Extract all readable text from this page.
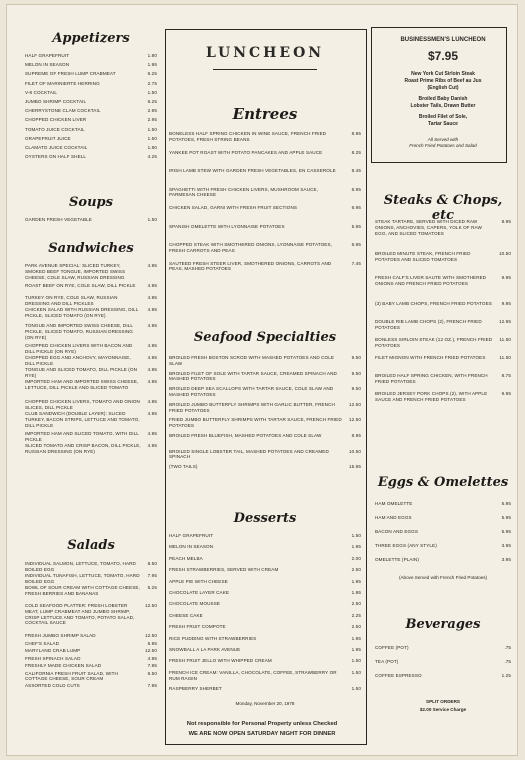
Appetizers
HALF GRAPEFRUIT	1.80
MELON IN SEASON	1.95
SUPREME OF FRESH LUMP CRABMEAT	6.25
FILET OF MARINIERTE HERRING	2.75
V-8 COCKTAIL	1.50
JUMBO SHRIMP COCKTAIL	6.25
CHERRYSTONE CLAM COCKTAIL	2.95
CHOPPED CHICKEN LIVER	2.95
TOMATO JUICE COCKTAIL	1.50
GRAPEFRUIT JUICE	1.50
CLAMATO JUICE COCKTAIL	1.80
OYSTERS ON HALF SHELL	4.25
Soups
GARDEN FRESH VEGETABLE	1.50
Sandwiches
PARK AVENUE SPECIAL: SLICED TURKEY, SMOKED BEEF TONGUE, IMPORTED SWISS CHEESE, COLE SLAW, RUSSIAN DRESSING
4.95
ROAST BEEF ON RYE, COLE SLAW, DILL PICKLE	4.95
TURKEY ON RYE, COLE SLAW, RUSSIAN DRESSING AND DILL PICKLES
4.95
CHICKEN SALAD WITH RUSSIAN DRESSING, DILL PICKLE, SLICED TOMATO (ON RYE)
4.95
TONGUE AND IMPORTED SWISS CHEESE, DILL PICKLE, SLICED TOMATO, RUSSIAN DRESSING (ON RYE)
4.95
CHOPPED CHICKEN LIVERS WITH BACON AND DILL PICKLE (ON RYE)
4.95
CHOPPED EGG AND ANCHOVY, MAYONNAISE, DILL PICKLE
4.95
TONGUE AND SLICED TOMATO, DILL PICKLE (ON RYE)
4.95
IMPORTED HAM AND IMPORTED SWISS CHEESE, LETTUCE, DILL PICKLE AND SLICED TOMATO
4.95
CHOPPED CHICKEN LIVERS, TOMATO AND ONION SLICES, DILL PICKLE
4.95
CLUB SANDWICH (DOUBLE LAYER): SLICED TURKEY, BACON STRIPS, LETTUCE AND TOMATO, DILL PICKLE
4.95
IMPORTED HAM AND SLICED TOMATO, WITH DILL PICKLE
4.95
SLICED TOMATO AND CRISP BACON, DILL PICKLE, RUSSIAN DRESSING (ON RYE)
4.95
Salads
INDIVIDUAL SALMON, LETTUCE, TOMATO, HARD BOILED EGG
8.50
INDIVIDUAL TUNAFISH, LETTUCE, TOMATO, HARD BOILED EGG
7.95
BOWL OF SOUR CREAM WITH COTTAGE CHEESE, FRESH BERRIES AND BANANAS
5.25
COLD SEAFOOD PLATTER: FRESH LOBSTER MEAT, LUMP CRABMEAT AND JUMBO SHRIMP, CRISP LETTUCE AND TOMATO, POTATO SALAD, COCKTAIL SAUCE
12.50
FRESH JUMBO SHRIMP SALAD	12.50
CHEF'S SALAD	6.95
MARYLAND CRAB LUMP	12.50
FRESH SPINACH SALAD	4.95
FRESHLY MADE CHICKEN SALAD	7.95
CALIFORNIA FRESH FRUIT SALAD, WITH COTTAGE CHEESE, SOUR CREAM
6.50
ASSORTED COLD CUTS	7.95
LUNCHEON
Entrees
BONELESS HALF SPRING CHICKEN IN WINE SAUCE, FRENCH FRIED POTATOES, FRESH STRING BEANS
8.95
YANKEE POT ROAST WITH POTATO PANCAKES AND APPLE SAUCE	8.25
IRISH LAMB STEW WITH GARDEN FRESH VEGETABLES, EN CASSEROLE	8.45
SPAGHETTI WITH FRESH CHICKEN LIVERS, MUSHROOM SAUCE, PARMESAN CHEESE
6.95
CHICKEN SALAD, GARNI WITH FRESH FRUIT SECTIONS	6.95
SPANISH OMELETTE WITH LYONNAISE POTATOES	5.95
CHOPPED STEAK WITH SMOTHERED ONIONS, LYONNAISE POTATOES, FRESH CARROTS AND PEAS
6.95
SAUTEED FRESH STEER LIVER, SMOTHERED ONIONS, CARROTS AND PEAS, MASHED POTATOES
7.45
Seafood Specialties
BROILED FRESH BOSTON SCROD WITH MASHED POTATOES AND COLE SLAW
9.50
BROILED FILET OF SOLE WITH TARTAR SAUCE, CREAMED SPINACH AND MASHED POTATOES
9.50
BROILED DEEP SEA SCALLOPS WITH TARTAR SAUCE, COLE SLAW AND MASHED POTATOES
9.50
BROILED JUMBO BUTTERFLY SHRIMPS WITH GARLIC BUTTER, FRENCH FRIED POTATOES
12.50
FRIED JUMBO BUTTERFLY SHRIMPS WITH TARTAR SAUCE, FRENCH FRIED POTATOES
12.50
BROILED FRESH BLUEFISH, MASHED POTATOES AND COLE SLAW	8.95
BROILED SINGLE LOBSTER TAIL, MASHED POTATOES AND CREAMED SPINACH
10.50
(TWO TAILS)	15.95
Desserts
HALF GRAPEFRUIT	1.50
MELON IN SEASON	1.95
PEACH MELBA	2.00
FRESH STRAWBERRIES, SERVED WITH CREAM	2.50
APPLE PIE WITH CHEESE	1.95
CHOCOLATE LAYER CAKE	1.95
CHOCOLATE MOUSSE	2.50
CHEESE CAKE	2.25
FRESH FRUIT COMPOTE	2.50
RICE PUDDING WITH STRAWBERRIES	1.95
SNOWBALL A LA PARK AVENUE	1.95
FRESH FRUIT JELLO WITH WHIPPED CREAM	1.50
FRENCH ICE CREAM: VANILLA, CHOCOLATE, COFFEE, STRAWBERRY OR RUM RAISIN
1.50
RASPBERRY SHERBET	1.50
Monday, November 20, 1978
Not responsible for Personal Property unless Checked
WE ARE NOW OPEN SATURDAY NIGHT FOR DINNER
BUSINESSMEN'S LUNCHEON
$7.95
New York Cut Sirloin Steak
Roast Prime Ribs of Beef au Jus
(English Cut)
Broiled Baby Danish
Lobster Tails, Drawn Butter
Broiled Filet of Sole,
Tartar Sauce
All Served with
French Fried Potatoes and Salad
Steaks & Chops, etc
STEAK TARTARE, SERVED WITH DICED RAW ONIONS, ANCHOVIES, CAPERS, YOLK OF RAW EGG, AND SLICED TOMATOES
8.95
BROILED MINUTE STEAK, FRENCH FRIED POTATOES AND SLICED TOMATOES
10.50
FRESH CALF'S LIVER SAUTE WITH SMOTHERED ONIONS AND FRENCH FRIED POTATOES
9.95
(3) BABY LAMB CHOPS, FRENCH FRIED POTATOES 9.95
DOUBLE RIB LAMB CHOPS (2), FRENCH FRIED POTATOES
12.95
BONLESS SIRLOIN STEAK (12 OZ.), FRENCH FRIED POTATOES
11.50
FILET MIGNON WITH FRENCH FRIED POTATOES	11.50
BROILED HALF SPRING CHICKEN, WITH FRENCH FRIED POTATOES
8.75
BROILED JERSEY PORK CHOPS (2), WITH APPLE SAUCE AND FRENCH FRIED POTATOES
9.95
Eggs & Omelettes
HAM OMELETTE	5.95
HAM AND EGGS	5.95
BACON AND EGGS	5.95
THREE EGGS (ANY STYLE)	3.95
OMELETTE (PLAIN)	3.95
(Above Served with French Fried Potatoes)
Beverages
COFFEE (POT)	.75
TEA (POT)	.75
COFFEE ESPRESSO	1.25
SPLIT ORDERS
$2.00 Service Charge
